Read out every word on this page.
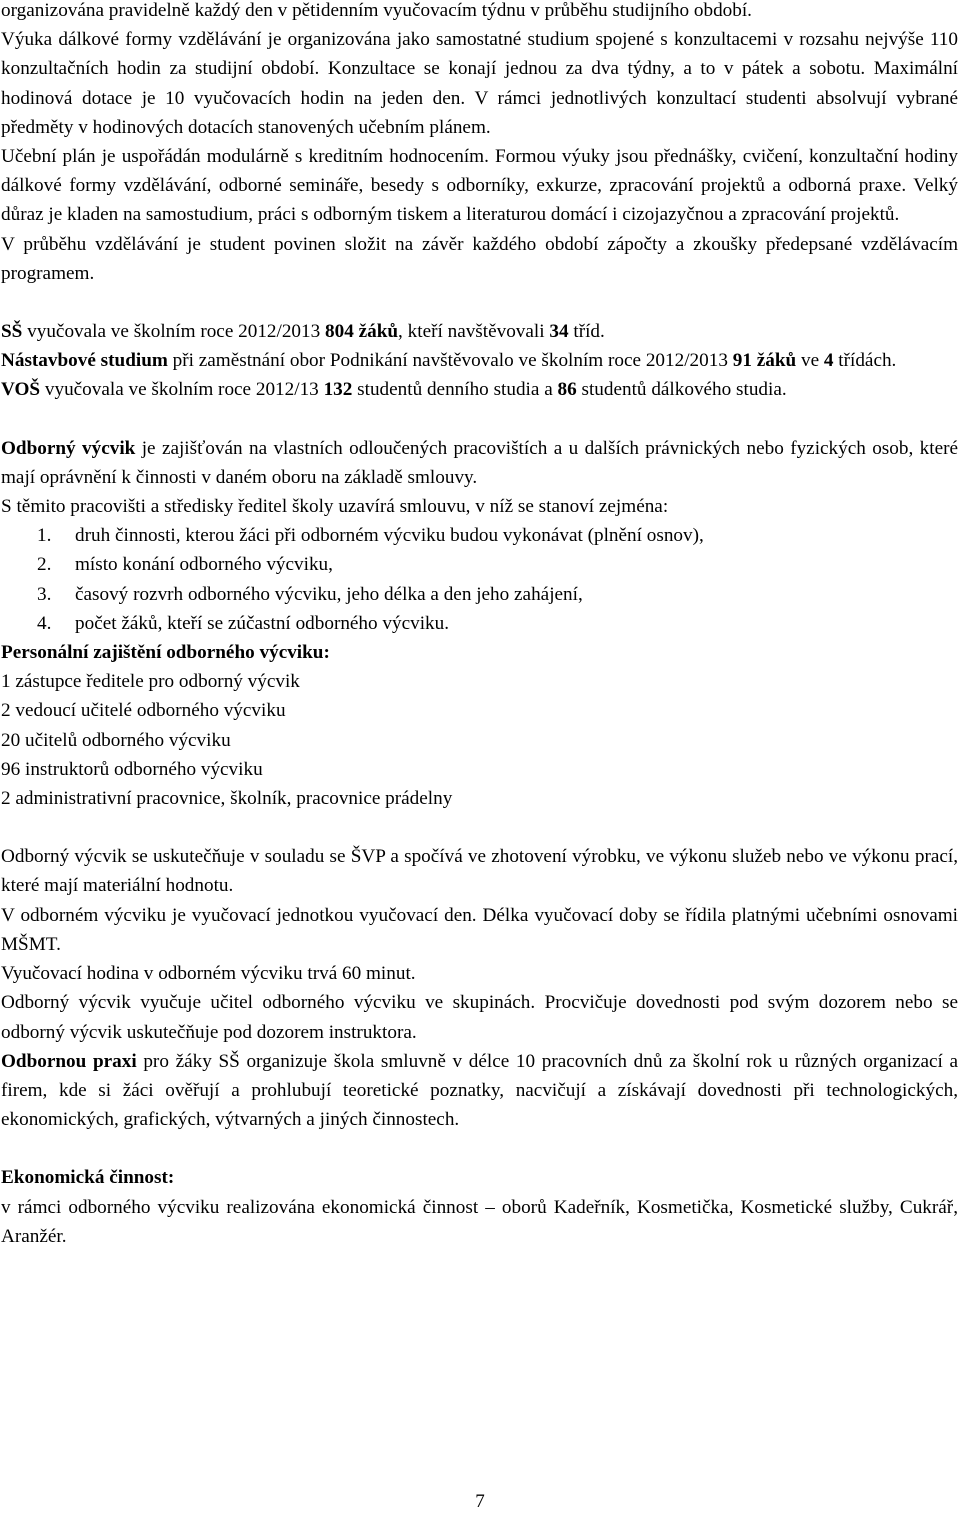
organizována pravidelně každý den v pětidenním vyučovacím týdnu v průběhu studijního období.

Výuka dálkové formy vzdělávání je organizována jako samostatné studium spojené s konzultacemi v rozsahu nejvýše 110 konzultačních hodin za studijní období. Konzultace se konají jednou za dva týdny, a to v pátek a sobotu. Maximální hodinová dotace je 10 vyučovacích hodin na jeden den. V rámci jednotlivých konzultací studenti absolvují vybrané předměty v hodinových dotacích stanovených učebním plánem.

Učební plán je uspořádán modulárně s kreditním hodnocením. Formou výuky jsou přednášky, cvičení, konzultační hodiny dálkové formy vzdělávání, odborné semináře, besedy s odborníky, exkurze, zpracování projektů a odborná praxe. Velký důraz je kladen na samostudium, práci s odborným tiskem a literaturou domácí i cizojazyčnou a zpracování projektů.

V průběhu vzdělávání je student povinen složit na závěr každého období zápočty a zkoušky předepsané vzdělávacím programem.

SŠ vyučovala ve školním roce 2012/2013 804 žáků, kteří navštěvovali 34 tříd.

Nástavbové studium při zaměstnání obor Podnikání navštěvovalo ve školním roce 2012/2013 91 žáků ve 4 třídách.

VOŠ vyučovala ve školním roce 2012/13 132 studentů denního studia a 86 studentů dálkového studia.

Odborný výcvik je zajišťován na vlastních odloučených pracovištích a u dalších právnických nebo fyzických osob, které mají oprávnění k činnosti v daném oboru na základě smlouvy.

S těmito pracovišti a středisky ředitel školy uzavírá smlouvu, v níž se stanoví zejména:

1.	druh činnosti, kterou žáci při odborném výcviku budou vykonávat (plnění osnov),
2.	místo konání odborného výcviku,
3.	časový rozvrh odborného výcviku, jeho délka a den jeho zahájení,
4.	počet žáků, kteří se zúčastní odborného výcviku.

Personální zajištění odborného výcviku:

1 zástupce ředitele pro odborný výcvik
2 vedoucí učitelé odborného výcviku
20 učitelů odborného výcviku
96 instruktorů odborného výcviku
2 administrativní pracovnice, školník, pracovnice prádelny

Odborný výcvik se uskutečňuje v souladu se ŠVP a spočívá ve zhotovení výrobku, ve výkonu služeb nebo ve výkonu prací, které mají materiální hodnotu.

V odborném výcviku je vyučovací jednotkou vyučovací den. Délka vyučovací doby se řídila platnými učebními osnovami MŠMT.

Vyučovací hodina v odborném výcviku trvá 60 minut.

Odborný výcvik vyučuje učitel odborného výcviku ve skupinách. Procvičuje dovednosti pod svým dozorem nebo se odborný výcvik uskutečňuje pod dozorem instruktora.

Odbornou praxi pro žáky SŠ organizuje škola smluvně v délce 10 pracovních dnů za školní rok u různých organizací a firem, kde si žáci ověřují a prohlubují teoretické poznatky, nacvičují a získávají dovednosti při technologických, ekonomických, grafických, výtvarných a jiných činnostech.

Ekonomická činnost:

v rámci odborného výcviku realizována ekonomická činnost – oborů Kadeřník, Kosmetička, Kosmetické služby, Cukrář, Aranžér.

7
